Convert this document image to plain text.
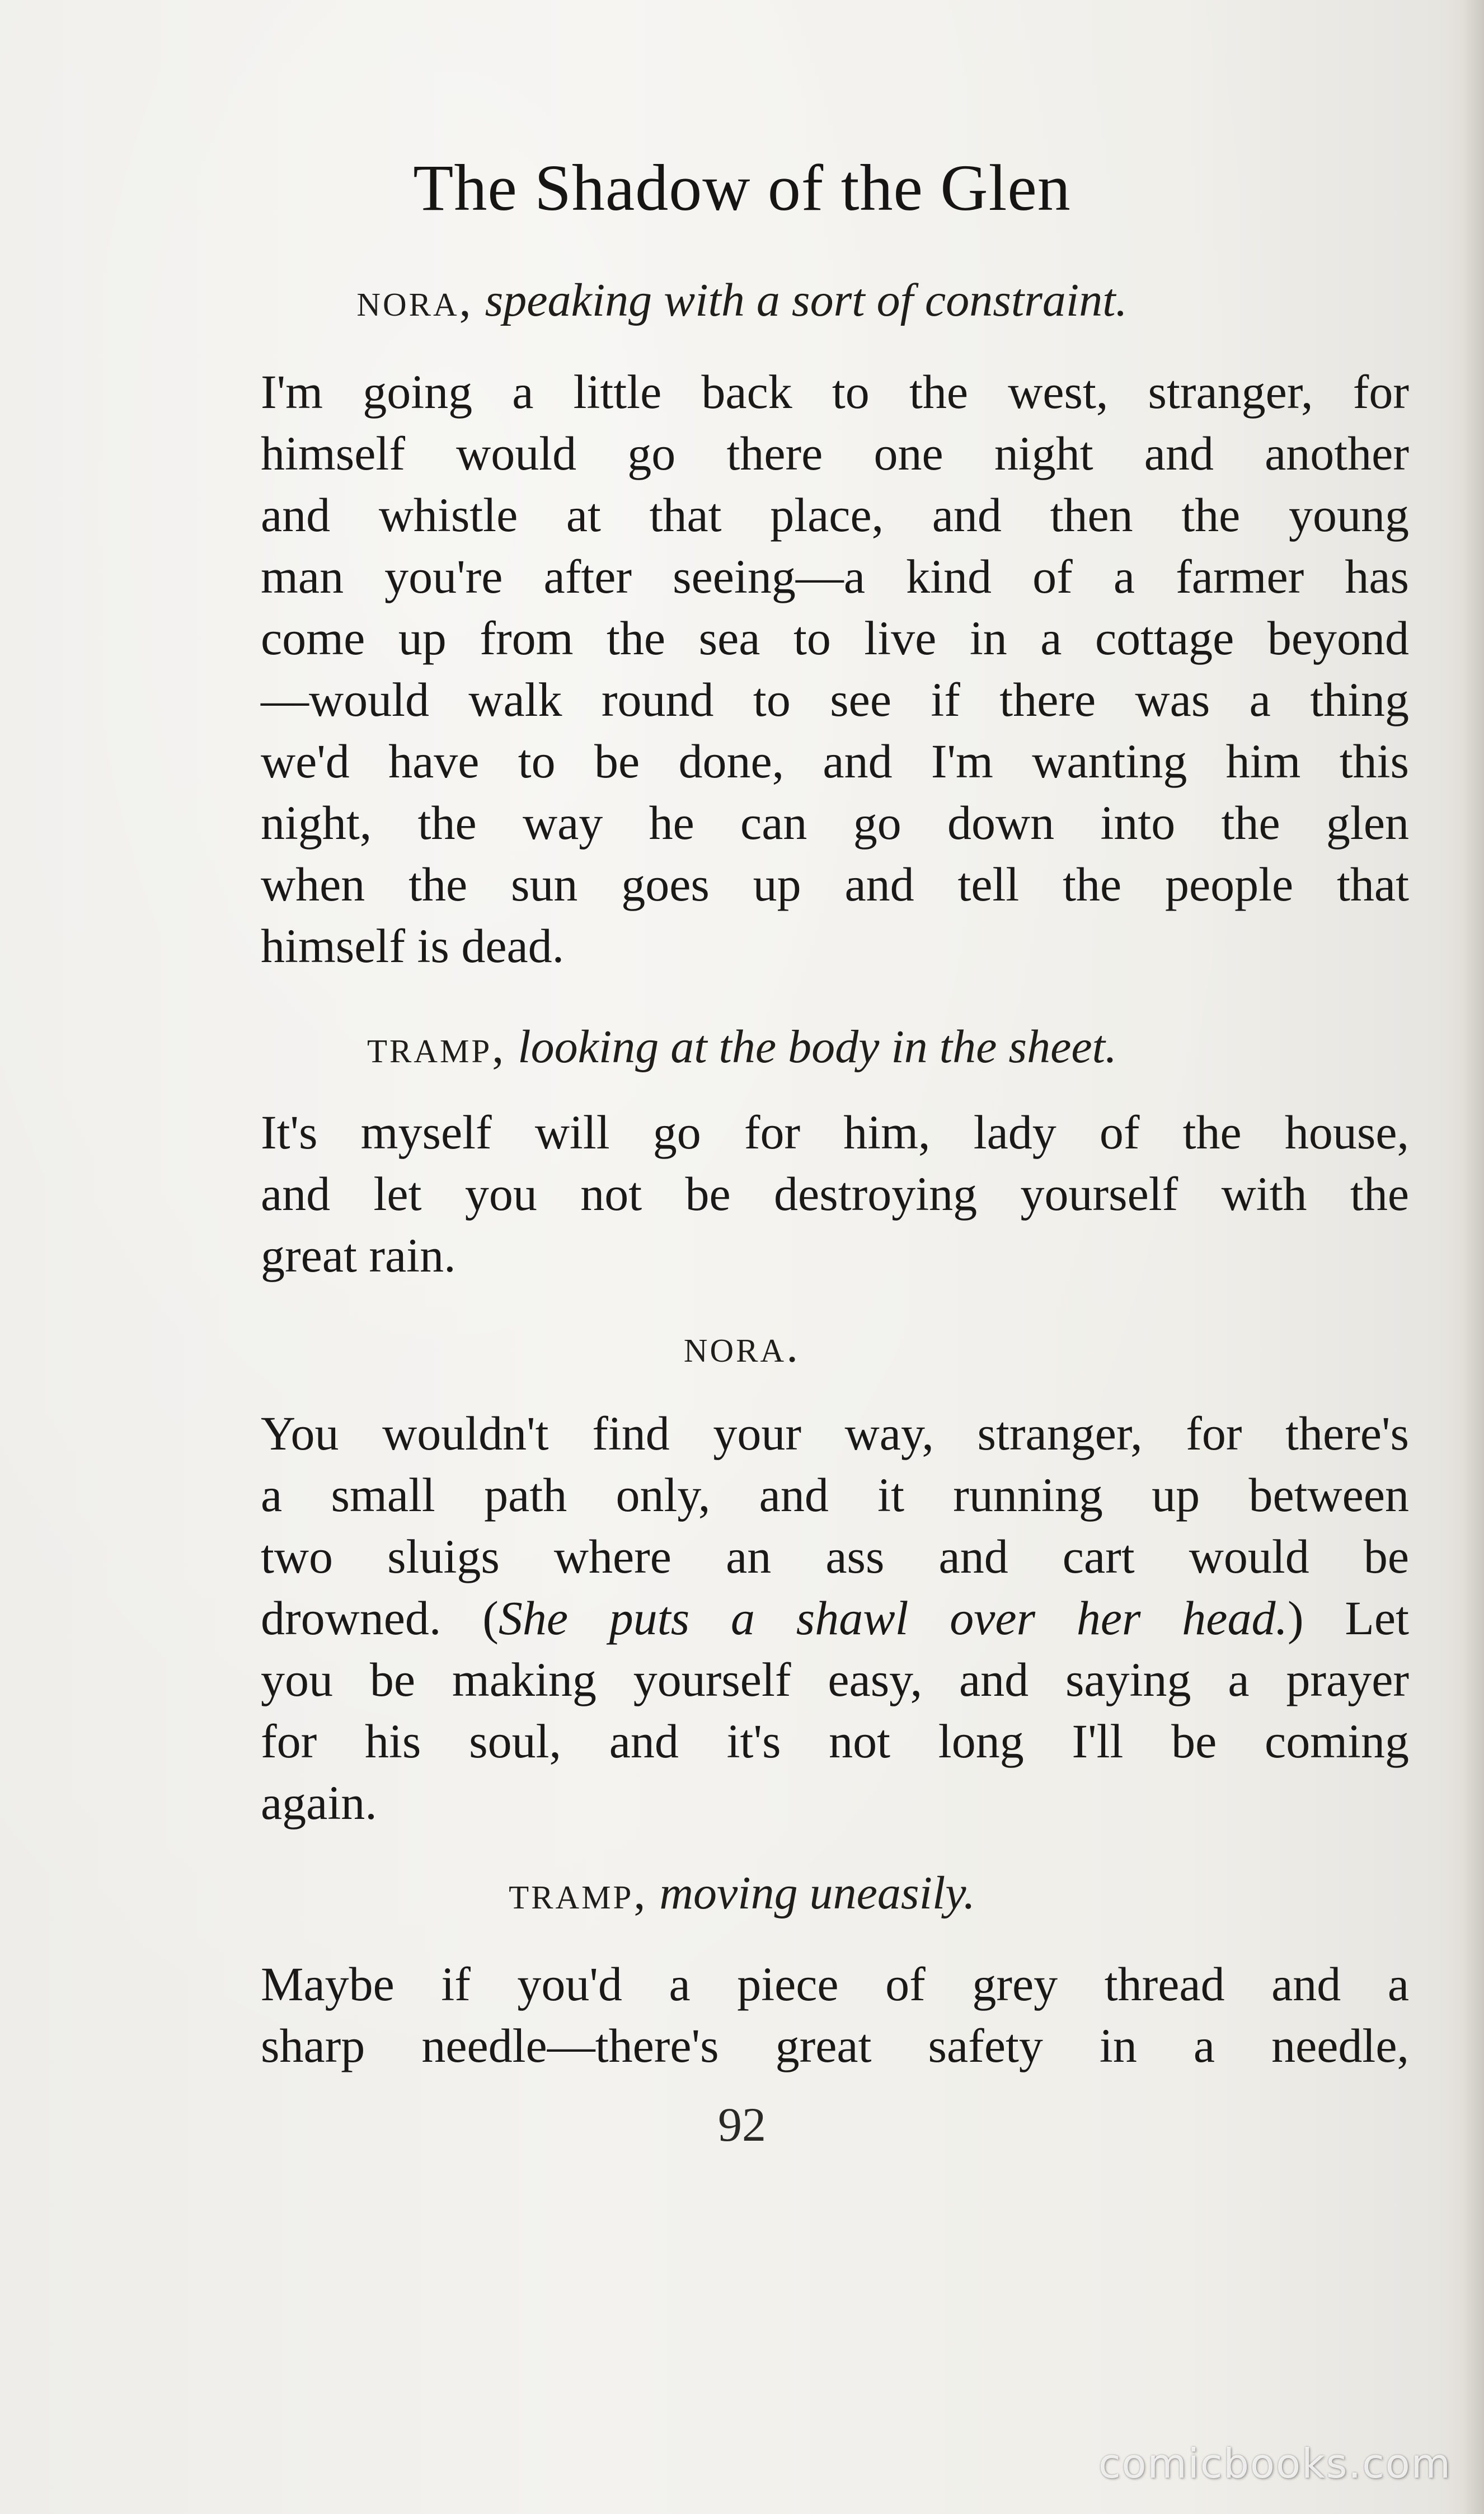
The Shadow of the Glen
nora, speaking with a sort of constraint.
I'm going a little back to the west, stranger, for
himself would go there one night and another
and whistle at that place, and then the young
man you're after seeing—a kind of a farmer has
come up from the sea to live in a cottage beyond
—would walk round to see if there was a thing
we'd have to be done, and I'm wanting him this
night, the way he can go down into the glen
when the sun goes up and tell the people that
himself is dead.
tramp, looking at the body in the sheet.
It's myself will go for him, lady of the house,
and let you not be destroying yourself with the
great rain.
nora.
You wouldn't find your way, stranger, for there's
a small path only, and it running up between
two sluigs where an ass and cart would be
drowned. (She puts a shawl over her head.) Let
you be making yourself easy, and saying a prayer
for his soul, and it's not long I'll be coming
again.
tramp, moving uneasily.
Maybe if you'd a piece of grey thread and a
sharp needle—there's great safety in a needle,
92
comicbooks.com
